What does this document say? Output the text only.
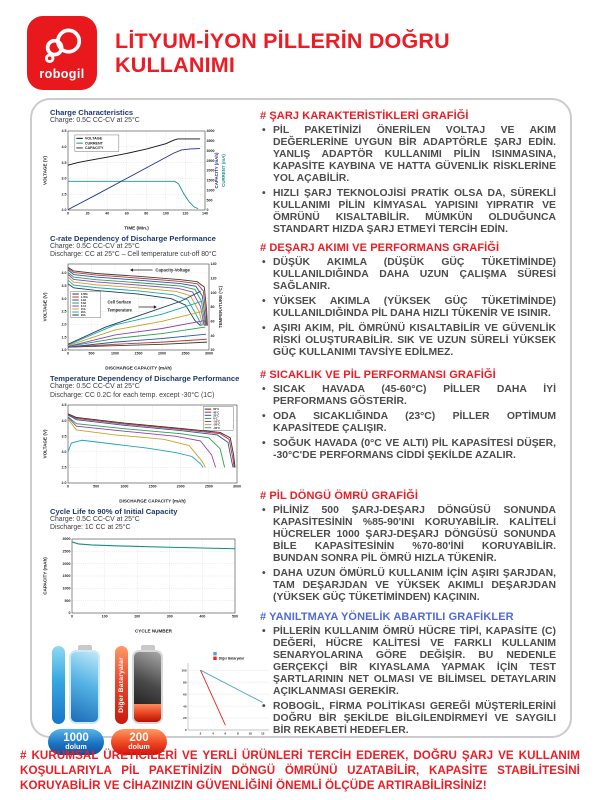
robogil
LİTYUM-İYON PİLLERİN DOĞRU KULLANIMI
Charge Characteristics
Charge: 0.5C CC-CV at 25°C
0	20	40	60	80	100	120	140
2.0
2.5
3.0
3.5
4.0
4.5
0
500
1000
1500
2000
2500
3000
3500
4000
TIME (Min.)
VOLTAGE (V)	CAPACITY (mAh) CURRENT (mA)
VOLTAGE
CURRENT
CAPACITY
C-rate Dependency of Discharge Performance
Charge: 0.5C CC-CV at 25°C
Discharge: CC at 25°C – Cell temperature cut-off 80°C
0	500	1000	1500	2000	2500	3000
1.0
1.5
2.0
2.5
3.0
3.5
4.0
20
40
60
80
100
120
140
DISCHARGE CAPACITY (mAh)
VOLTAGE (V)	TEMPERATURE (°C)
0.58A
1.45A
2.9A
5.8A
8.7A
15A
20A
29A
Capacity-Voltage
Cell Surface
Temperature
Temperature Dependency of Discharge Performance
Charge: 0.5C CC-CV at 25°C
Discharge: CC 0.2C for each temp. except -30°C (1C)
0	500	1000	1500	2000	2500	3000
2.0
2.5
3.0
3.5
4.0
4.5
DISCHARGE CAPACITY (mAh)
VOLTAGE (V)
60°C
45°C
25°C
0°C
-10°C
-20°C
-30°C
Cycle Life to 90% of Initial Capacity
Charge: 0.5C CC-CV at 25°C
Discharge: 1C CC at 25°C
0	100	200	300	400	500
0
500
1000
1500
2000
2500
3000
CYCLE NUMBER
CAPACITY (mAh)
1000
dolum
Diğer Bataryalar
200
dolum
2	4	6	8	10	12
0
20
40
60
80
100
Diğer Bataryalar
# ŞARJ KARAKTERİSTİKLERİ GRAFİĞİ
• PİL PAKETİNİZİ ÖNERİLEN VOLTAJ VE AKIM DEĞERLERİNE UYGUN BİR ADAPTÖRLE ŞARJ EDİN. YANLIŞ ADAPTÖR KULLANIMI PİLİN ISINMASINA, KAPASİTE KAYBINA VE HATTA GÜVENLİK RİSKLERİNE YOL AÇABİLİR.
• HIZLI ŞARJ TEKNOLOJİSİ PRATİK OLSA DA, SÜREKLİ KULLANIMI PİLİN KİMYASAL YAPISINI YIPRATIR VE ÖMRÜNÜ KISALTABİLİR. MÜMKÜN OLDUĞUNCA STANDART HIZDA ŞARJ ETMEYİ TERCİH EDİN.
# DEŞARJ AKIMI VE PERFORMANS GRAFİĞİ
• DÜŞÜK AKIMLA (DÜŞÜK GÜÇ TÜKETİMİNDE) KULLANILDIĞINDA DAHA UZUN ÇALIŞMA SÜRESİ SAĞLANIR.
• YÜKSEK AKIMLA (YÜKSEK GÜÇ TÜKETİMİNDE) KULLANILDIĞINDA PİL DAHA HIZLI TÜKENİR VE ISINIR.
• AŞIRI AKIM, PİL ÖMRÜNÜ KISALTABİLİR VE GÜVENLİK RİSKİ OLUŞTURABİLİR. SIK VE UZUN SÜRELİ YÜKSEK GÜÇ KULLANIMI TAVSİYE EDİLMEZ.
# SICAKLIK VE PİL PERFORMANSI GRAFİĞİ
• SICAK HAVADA (45-60°C) PİLLER DAHA İYİ PERFORMANS GÖSTERİR.
• ODA SICAKLIĞINDA (23°C) PİLLER OPTİMUM KAPASİTEDE ÇALIŞIR.
• SOĞUK HAVADA (0°C VE ALTI) PİL KAPASİTESİ DÜŞER, -30°C'DE PERFORMANS CİDDİ ŞEKİLDE AZALIR.
# PİL DÖNGÜ ÖMRÜ GRAFİĞİ
• PİLİNİZ 500 ŞARJ-DEŞARJ DÖNGÜSÜ SONUNDA KAPASİTESİNİN %85-90'INI KORUYABİLİR. KALİTELİ HÜCRELER 1000 ŞARJ-DEŞARJ DÖNGÜSÜ SONUNDA BİLE KAPASİTESİNİN %70-80'İNİ KORUYABİLİR. BUNDAN SONRA PİL ÖMRÜ HIZLA TÜKENİR.
• DAHA UZUN ÖMÜRLÜ KULLANIM İÇİN AŞIRI ŞARJDAN, TAM DEŞARJDAN VE YÜKSEK AKIMLI DEŞARJDAN (YÜKSEK GÜÇ TÜKETİMİNDEN) KAÇININ.
# YANILTMAYA YÖNELİK ABARTILI GRAFİKLER
• PİLLERİN KULLANIM ÖMRÜ HÜCRE TİPİ, KAPASİTE (C) DEĞERİ, HÜCRE KALİTESİ VE FARKLI KULLANIM SENARYOLARINA GÖRE DEĞİŞİR. BU NEDENLE GERÇEKÇİ BİR KIYASLAMA YAPMAK İÇİN TEST ŞARTLARININ NET OLMASI VE BİLİMSEL DETAYLARIN AÇIKLANMASI GEREKİR.
• ROBOGİL, FİRMA POLİTİKASI GEREĞİ MÜŞTERİLERİNİ DOĞRU BİR ŞEKİLDE BİLGİLENDİRMEYİ VE SAYGILI BİR REKABETİ HEDEFLER.
# KURUMSAL ÜRETİCİLERİ VE YERLİ ÜRÜNLERİ TERCİH EDEREK, DOĞRU ŞARJ VE KULLANIM KOŞULLARIYLA PİL PAKETİNİZİN DÖNGÜ ÖMRÜNÜ UZATABİLİR, KAPASİTE STABİLİTESİNİ KORUYABİLİR VE CİHAZINIZIN GÜVENLİĞİNİ ÖNEMLİ ÖLÇÜDE ARTIRABİLİRSİNİZ!
